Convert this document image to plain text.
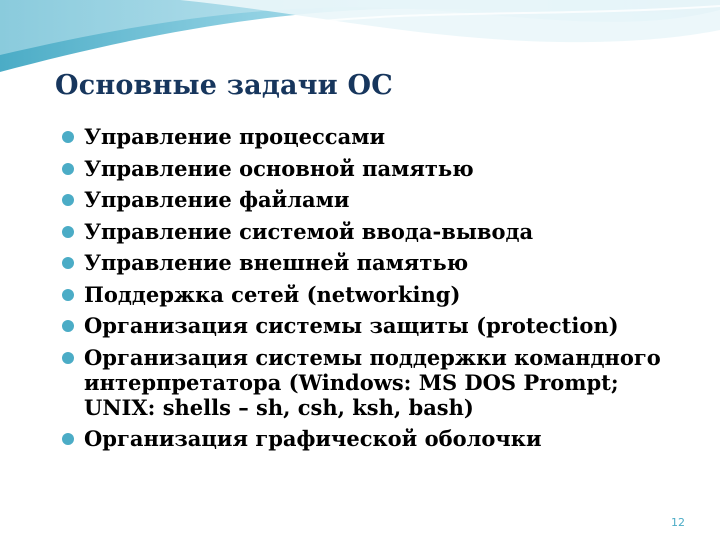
Основные задачи ОС
Управление процессами
Управление основной памятью
Управление файлами
Управление системой ввода-вывода
Управление внешней памятью
Поддержка сетей (networking)
Организация системы защиты (protection)
Организация системы поддержки командного интерпретатора (Windows: MS DOS Prompt; UNIX: shells – sh, csh, ksh, bash)
Организация графической оболочки
12
